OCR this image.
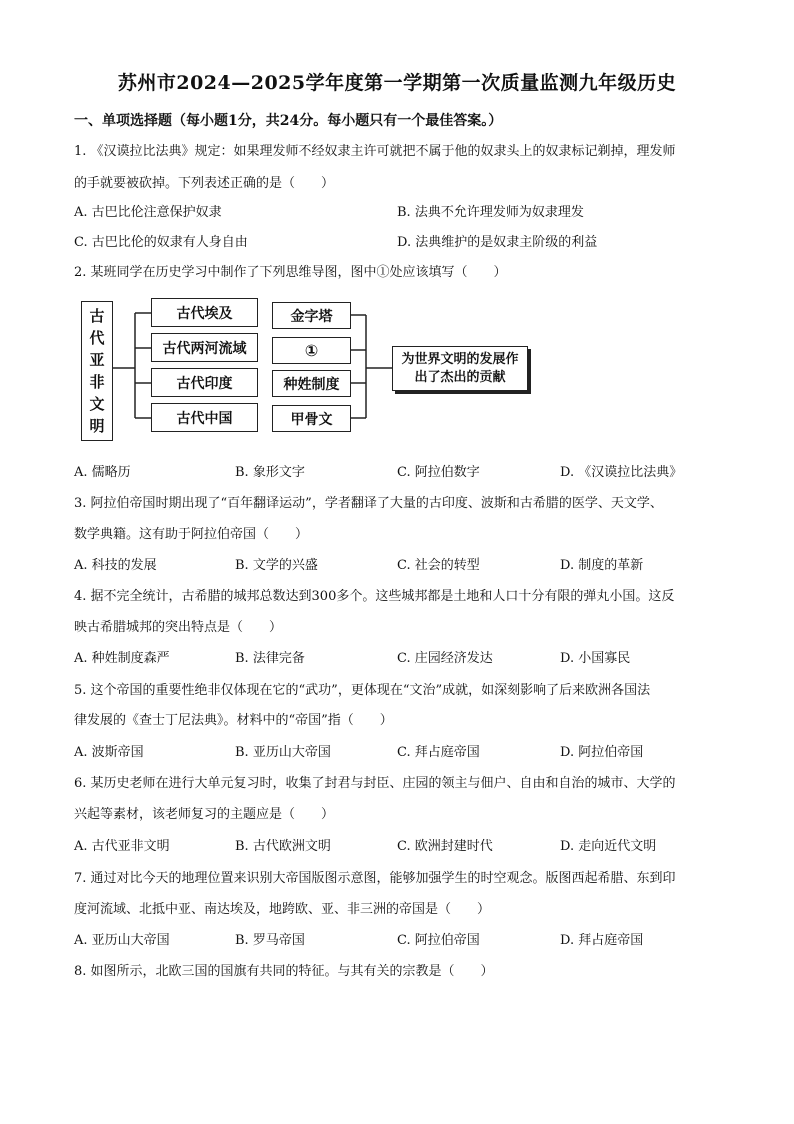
苏州市2024—2025学年度第一学期第一次质量监测九年级历史
一、单项选择题（每小题1分，共24分。每小题只有一个最佳答案。）
1. 《汉谟拉比法典》规定：如果理发师不经奴隶主许可就把不属于他的奴隶头上的奴隶标记剃掉，理发师
的手就要被砍掉。下列表述正确的是（　　）
A. 古巴比伦注意保护奴隶	B. 法典不允许理发师为奴隶理发
C. 古巴比伦的奴隶有人身自由	D. 法典维护的是奴隶主阶级的利益
2. 某班同学在历史学习中制作了下列思维导图，图中①处应该填写（　　）
古
代
亚
非
文
明
古代埃及
古代两河流域
古代印度
古代中国
金字塔
①
种姓制度
甲骨文
为世界文明的发展作出了杰出的贡献
A. 儒略历	B. 象形文字	C. 阿拉伯数字	D. 《汉谟拉比法典》
3. 阿拉伯帝国时期出现了“百年翻译运动”，学者翻译了大量的古印度、波斯和古希腊的医学、天文学、
数学典籍。这有助于阿拉伯帝国（　　）
A. 科技的发展	B. 文学的兴盛	C. 社会的转型	D. 制度的革新
4. 据不完全统计，古希腊的城邦总数达到300多个。这些城邦都是土地和人口十分有限的弹丸小国。这反
映古希腊城邦的突出特点是（　　）
A. 种姓制度森严	B. 法律完备	C. 庄园经济发达	D. 小国寡民
5. 这个帝国的重要性绝非仅体现在它的“武功”，更体现在“文治”成就，如深刻影响了后来欧洲各国法
律发展的《查士丁尼法典》。材料中的“帝国”指（　　）
A. 波斯帝国	B. 亚历山大帝国	C. 拜占庭帝国	D. 阿拉伯帝国
6. 某历史老师在进行大单元复习时，收集了封君与封臣、庄园的领主与佃户、自由和自治的城市、大学的
兴起等素材，该老师复习的主题应是（　　）
A. 古代亚非文明	B. 古代欧洲文明	C. 欧洲封建时代	D. 走向近代文明
7. 通过对比今天的地理位置来识别大帝国版图示意图，能够加强学生的时空观念。版图西起希腊、东到印
度河流域、北抵中亚、南达埃及，地跨欧、亚、非三洲的帝国是（　　）
A. 亚历山大帝国	B. 罗马帝国	C. 阿拉伯帝国	D. 拜占庭帝国
8. 如图所示，北欧三国的国旗有共同的特征。与其有关的宗教是（　　）
